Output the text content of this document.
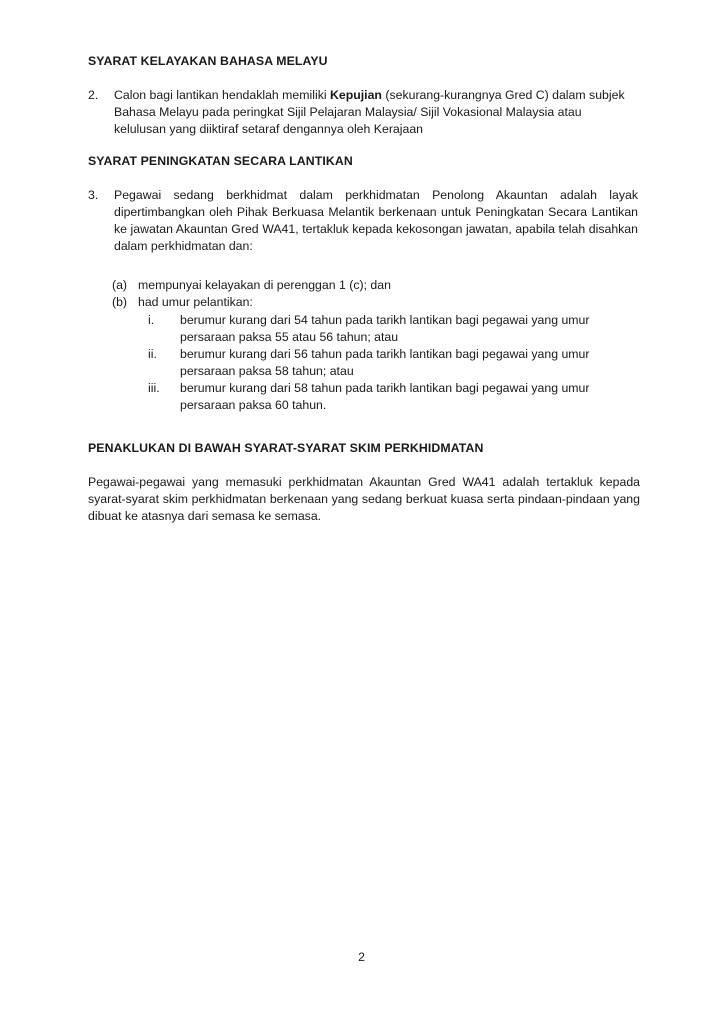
SYARAT KELAYAKAN BAHASA MELAYU
2. Calon bagi lantikan hendaklah memiliki Kepujian (sekurang-kurangnya Gred C) dalam subjek Bahasa Melayu pada peringkat Sijil Pelajaran Malaysia/ Sijil Vokasional Malaysia atau kelulusan yang diiktiraf setaraf dengannya oleh Kerajaan
SYARAT PENINGKATAN SECARA LANTIKAN
3. Pegawai sedang berkhidmat dalam perkhidmatan Penolong Akauntan adalah layak dipertimbangkan oleh Pihak Berkuasa Melantik berkenaan untuk Peningkatan Secara Lantikan ke jawatan Akauntan Gred WA41, tertakluk kepada kekosongan jawatan, apabila telah disahkan dalam perkhidmatan dan:
(a) mempunyai kelayakan di perenggan 1 (c); dan
(b) had umur pelantikan:
i.	berumur kurang dari 54 tahun pada tarikh lantikan bagi pegawai yang umur persaraan paksa 55 atau 56 tahun; atau
ii.	berumur kurang dari 56 tahun pada tarikh lantikan bagi pegawai yang umur persaraan paksa 58 tahun; atau
iii.	berumur kurang dari 58 tahun pada tarikh lantikan bagi pegawai yang umur persaraan paksa 60 tahun.
PENAKLUKAN DI BAWAH SYARAT-SYARAT SKIM PERKHIDMATAN
Pegawai-pegawai yang memasuki perkhidmatan Akauntan Gred WA41 adalah tertakluk kepada syarat-syarat skim perkhidmatan berkenaan yang sedang berkuat kuasa serta pindaan-pindaan yang dibuat ke atasnya dari semasa ke semasa.
2
